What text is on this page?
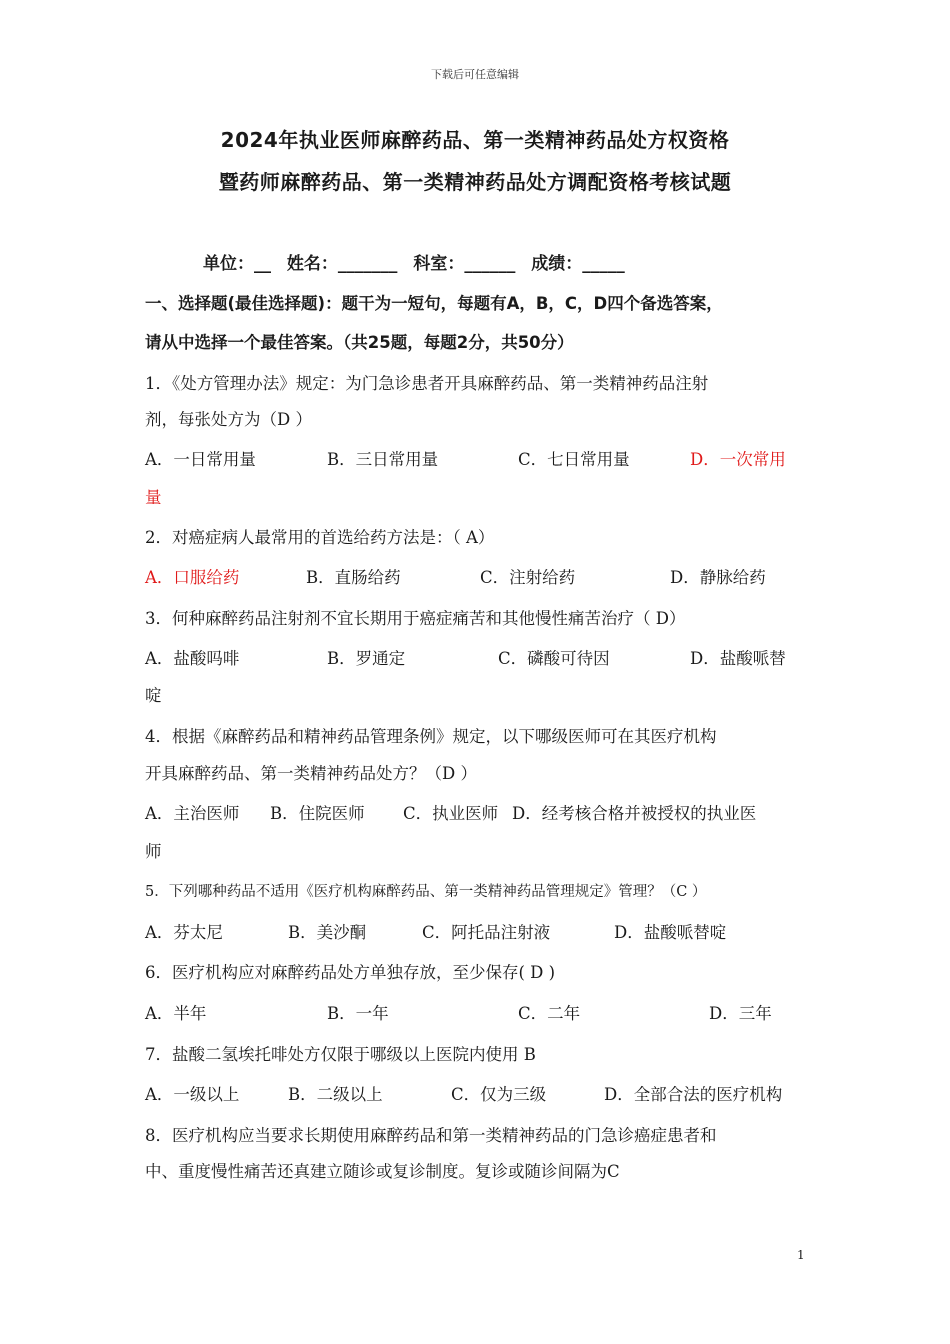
下载后可任意编辑
2024年执业医师麻醉药品、第一类精神药品处方权资格
暨药师麻醉药品、第一类精神药品处方调配资格考核试题
单位：__ 姓名：_______ 科室：______ 成绩：_____
一、选择题(最佳选择题)：题干为一短句，每题有A，B，C，D四个备选答案，
请从中选择一个最佳答案。（共25题，每题2分，共50分）
1．《处方管理办法》规定：为门急诊患者开具麻醉药品、第一类精神药品注射
剂，每张处方为（D ）
A．一日常用量	B．三日常用量	C．七日常用量	D．一次常用
量
2．对癌症病人最常用的首选给药方法是：（ A）
A．口服给药	B．直肠给药	C．注射给药	D．静脉给药
3．何种麻醉药品注射剂不宜长期用于癌症痛苦和其他慢性痛苦治疗（ D）
A．盐酸吗啡	B．罗通定	C．磷酸可待因	D．盐酸哌替
啶
4．根据《麻醉药品和精神药品管理条例》规定，以下哪级医师可在其医疗机构
开具麻醉药品、第一类精神药品处方？（D ）
A．主治医师 B．住院医师 C．执业医师 D．经考核合格并被授权的执业医
师
5．下列哪种药品不适用《医疗机构麻醉药品、第一类精神药品管理规定》管理？（C ）
A．芬太尼	B．美沙酮	C．阿托品注射液	D．盐酸哌替啶
6．医疗机构应对麻醉药品处方单独存放，至少保存( D )
A．半年	B．一年	C．二年	D．三年
7．盐酸二氢埃托啡处方仅限于哪级以上医院内使用 B
A．一级以上	B．二级以上	C．仅为三级	D．全部合法的医疗机构
8．医疗机构应当要求长期使用麻醉药品和第一类精神药品的门急诊癌症患者和
中、重度慢性痛苦还真建立随诊或复诊制度。复诊或随诊间隔为C
1
